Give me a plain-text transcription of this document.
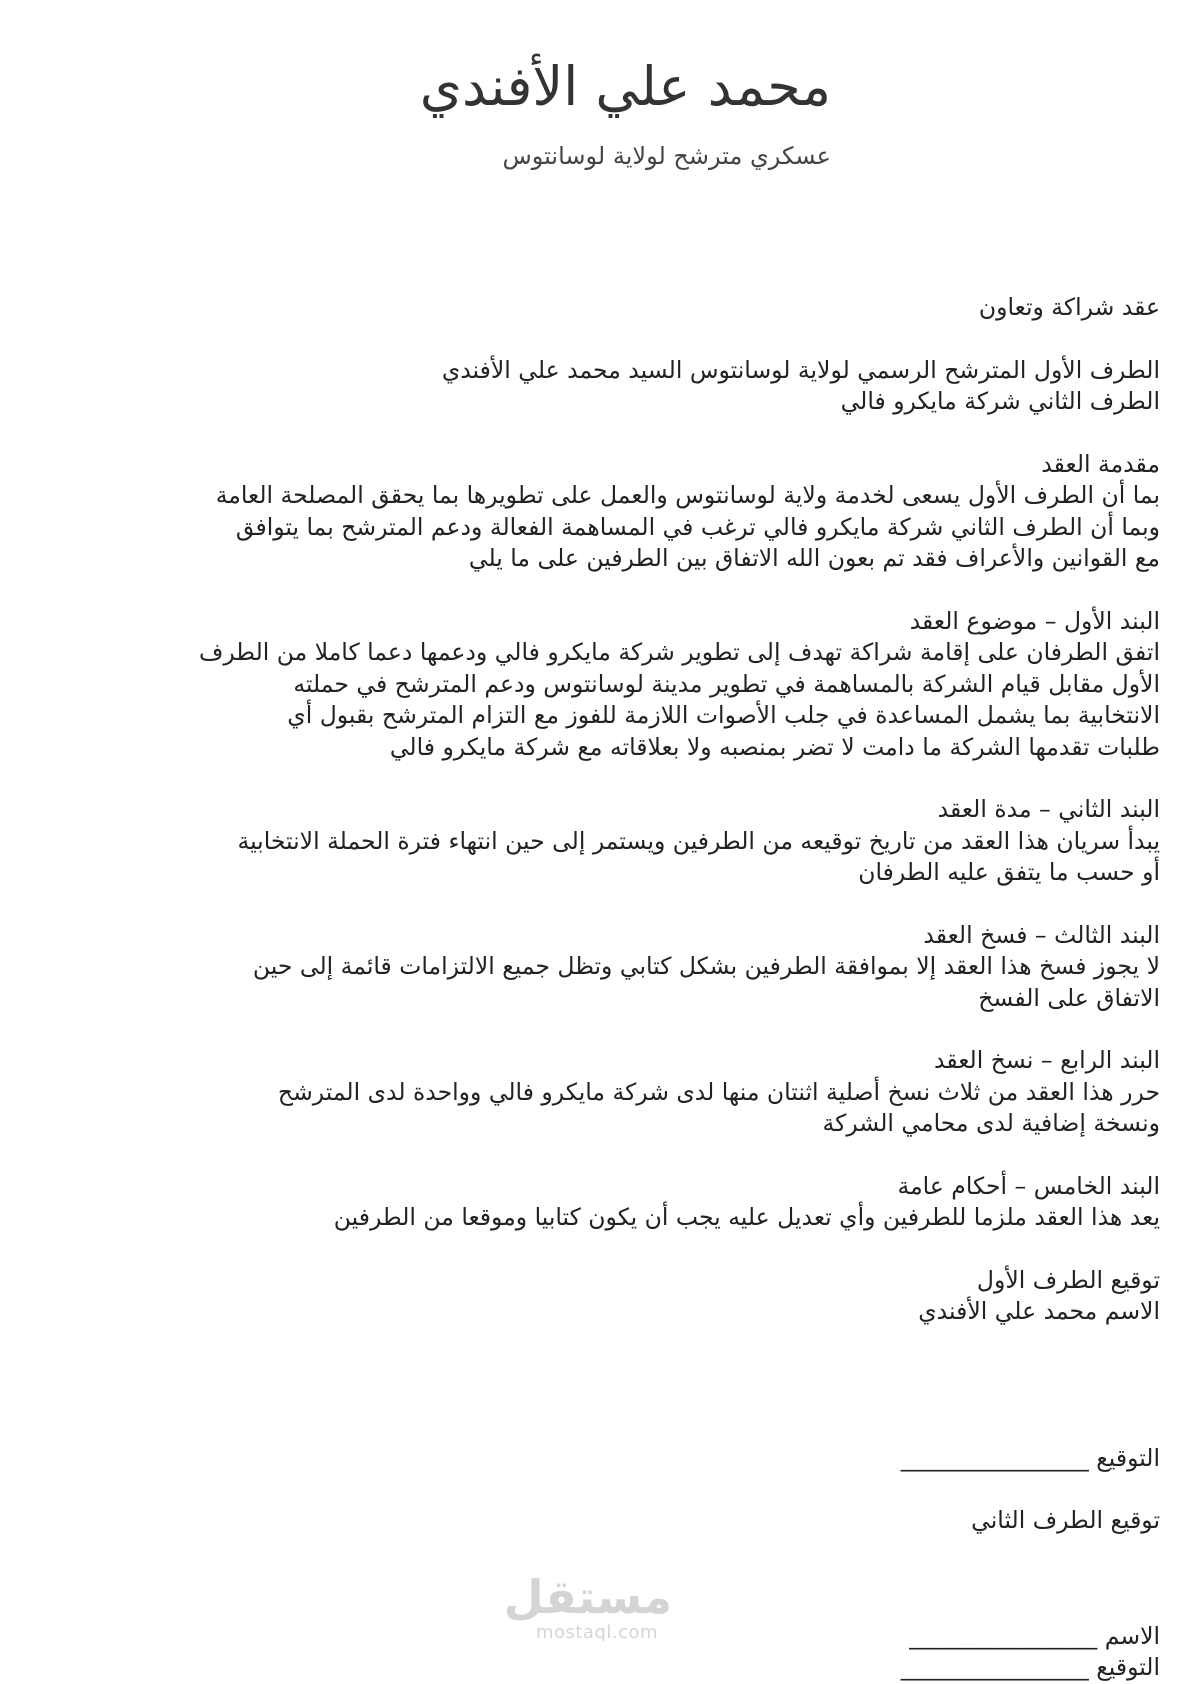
محمد علي الأفندي
عسكري مترشح لولاية لوسانتوس

عقد شراكة وتعاون

الطرف الأول المترشح الرسمي لولاية لوسانتوس السيد محمد علي الأفندي

الطرف الثاني شركة مايكرو فالي

مقدمة العقد

بما أن الطرف الأول يسعى لخدمة ولاية لوسانتوس والعمل على تطويرها بما يحقق المصلحة العامة

وبما أن الطرف الثاني شركة مايكرو فالي ترغب في المساهمة الفعالة ودعم المترشح بما يتوافق

مع القوانين والأعراف فقد تم بعون الله الاتفاق بين الطرفين على ما يلي

البند الأول – موضوع العقد

اتفق الطرفان على إقامة شراكة تهدف إلى تطوير شركة مايكرو فالي ودعمها دعما كاملا من الطرف

الأول مقابل قيام الشركة بالمساهمة في تطوير مدينة لوسانتوس ودعم المترشح في حملته

الانتخابية بما يشمل المساعدة في جلب الأصوات اللازمة للفوز مع التزام المترشح بقبول أي

طلبات تقدمها الشركة ما دامت لا تضر بمنصبه ولا بعلاقاته مع شركة مايكرو فالي

البند الثاني – مدة العقد

يبدأ سريان هذا العقد من تاريخ توقيعه من الطرفين ويستمر إلى حين انتهاء فترة الحملة الانتخابية

أو حسب ما يتفق عليه الطرفان

البند الثالث – فسخ العقد

لا يجوز فسخ هذا العقد إلا بموافقة الطرفين بشكل كتابي وتظل جميع الالتزامات قائمة إلى حين

الاتفاق على الفسخ

البند الرابع – نسخ العقد

حرر هذا العقد من ثلاث نسخ أصلية اثنتان منها لدى شركة مايكرو فالي وواحدة لدى المترشح

ونسخة إضافية لدى محامي الشركة

البند الخامس – أحكام عامة

يعد هذا العقد ملزما للطرفين وأي تعديل عليه يجب أن يكون كتابيا وموقعا من الطرفين

توقيع الطرف الأول

الاسم محمد علي الأفندي

التوقيع ________________

توقيع الطرف الثاني

الاسم ________________

التوقيع ________________

مستقل
mostaql.com
